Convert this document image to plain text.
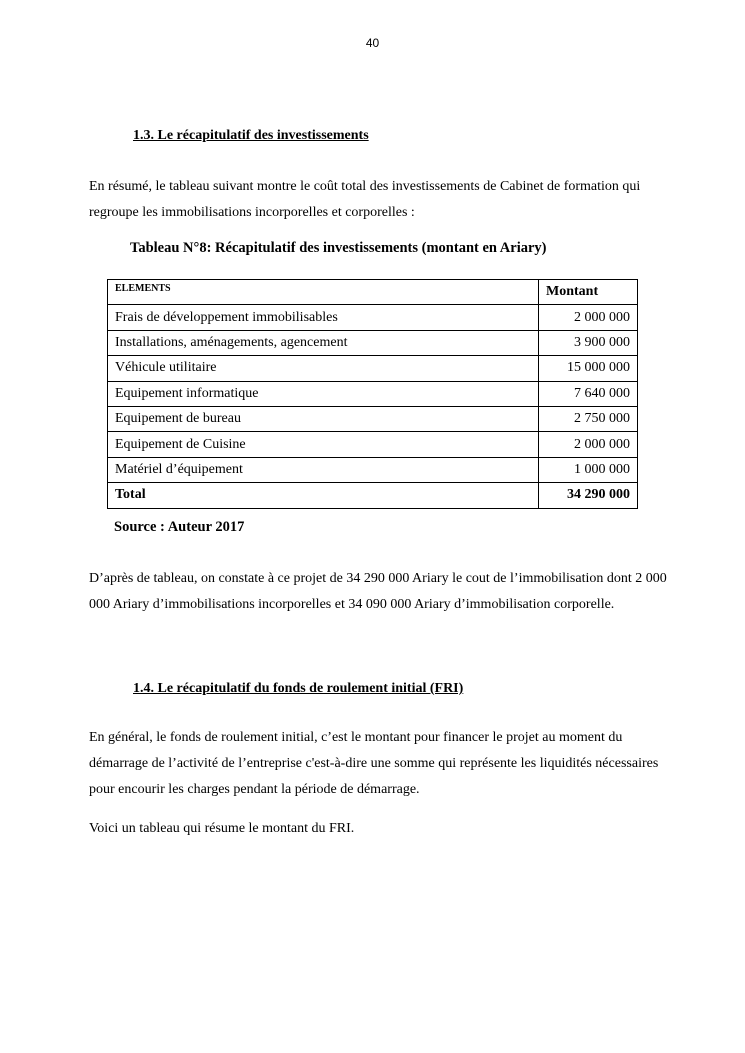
40
1.3. Le récapitulatif des investissements

En résumé, le tableau suivant montre le coût total des investissements de Cabinet de formation qui regroupe les immobilisations incorporelles et corporelles :

Tableau N°8: Récapitulatif des investissements (montant en Ariary)
ELEMENTS	Montant
Frais de développement immobilisables	2 000 000
Installations, aménagements, agencement	3 900 000
Véhicule utilitaire	15 000 000
Equipement informatique	7 640 000
Equipement de bureau	2 750 000
Equipement de Cuisine	2 000 000
Matériel d’équipement	1 000 000
Total	34 290 000
Source : Auteur 2017

D’après de tableau, on constate à ce projet de 34 290 000 Ariary le cout de l’immobilisation dont 2 000 000 Ariary d’immobilisations incorporelles et 34 090 000 Ariary d’immobilisation corporelle.

1.4. Le récapitulatif du fonds de roulement initial (FRI)

En général, le fonds de roulement initial, c’est le montant pour financer le projet au moment du démarrage de l’activité de l’entreprise c'est-à-dire une somme qui représente les liquidités nécessaires pour encourir les charges pendant la période de démarrage.

Voici un tableau qui résume le montant du FRI.
